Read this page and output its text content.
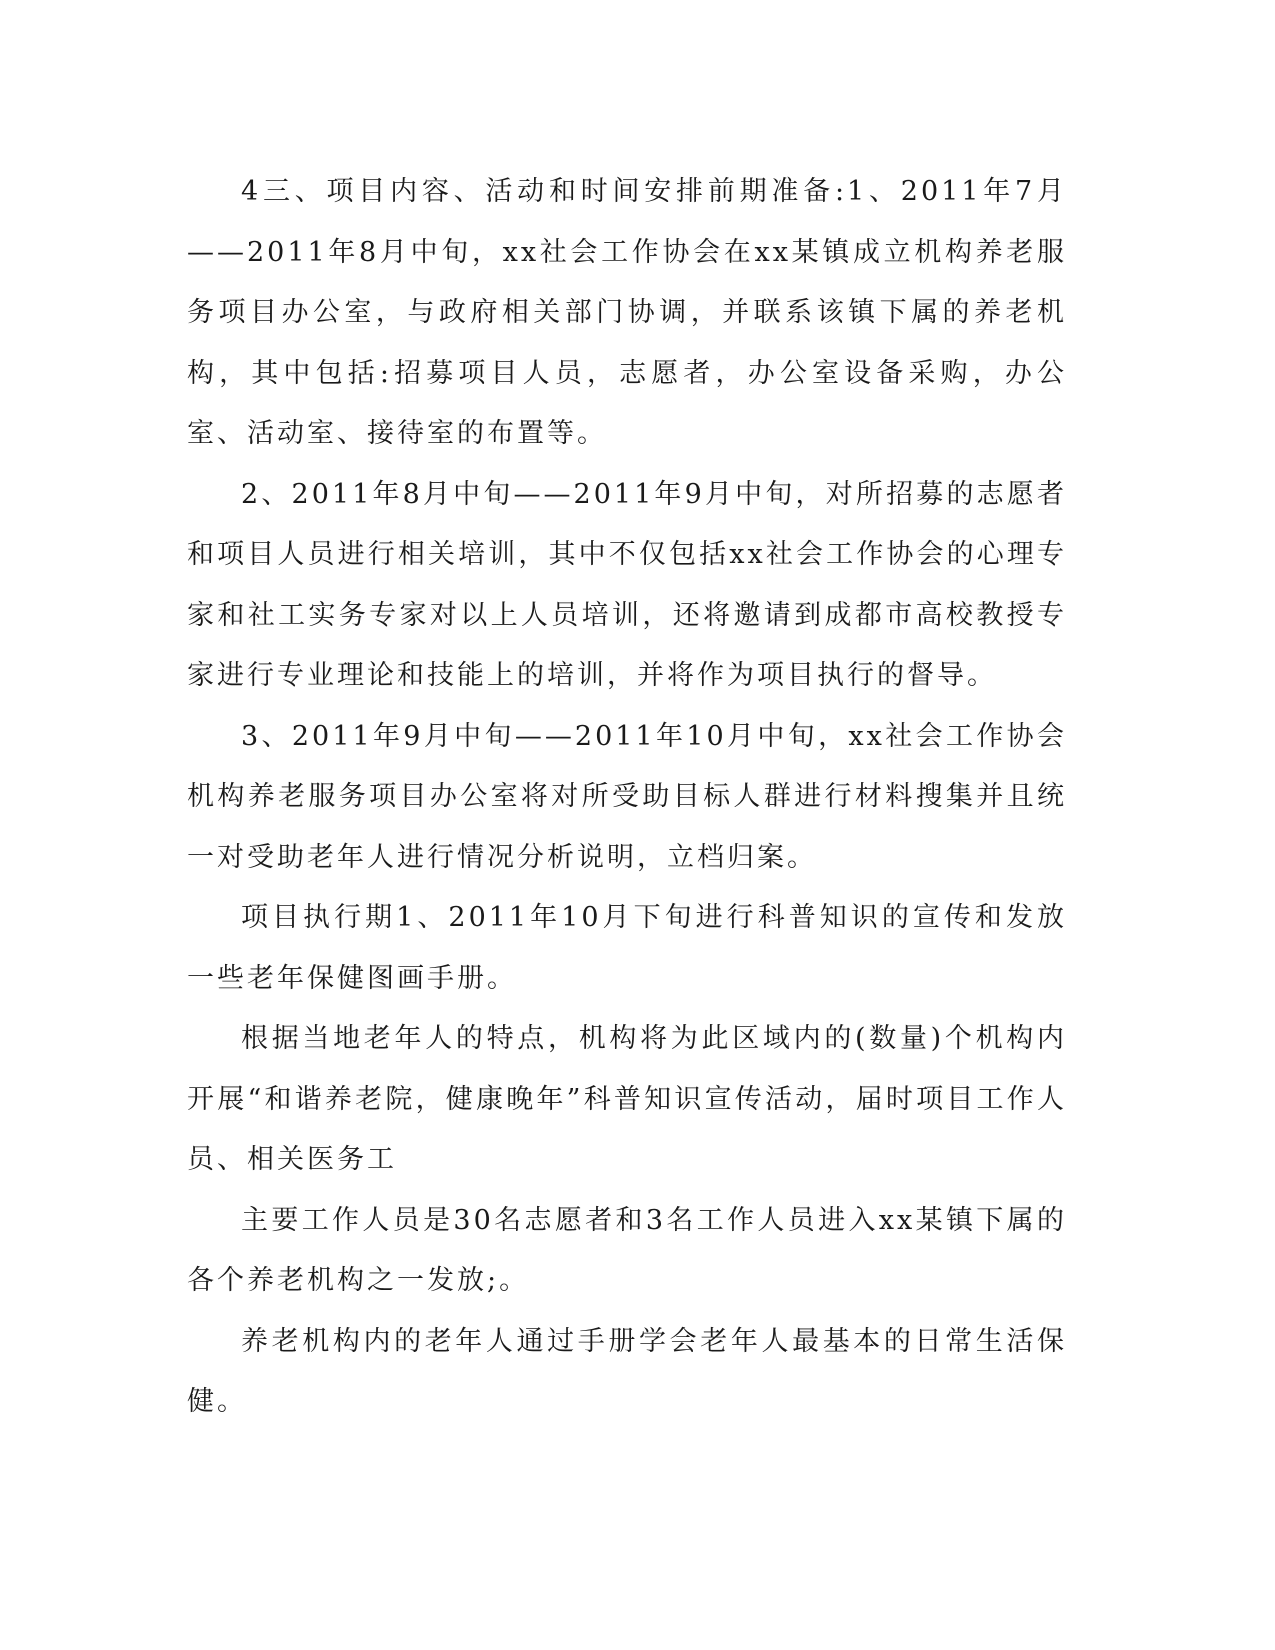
4三、项目内容、活动和时间安排前期准备:1、2011年7月——2011年8月中旬，xx社会工作协会在xx某镇成立机构养老服务项目办公室，与政府相关部门协调，并联系该镇下属的养老机构，其中包括:招募项目人员，志愿者，办公室设备采购，办公室、活动室、接待室的布置等。

2、2011年8月中旬——2011年9月中旬，对所招募的志愿者和项目人员进行相关培训，其中不仅包括xx社会工作协会的心理专家和社工实务专家对以上人员培训，还将邀请到成都市高校教授专家进行专业理论和技能上的培训，并将作为项目执行的督导。

3、2011年9月中旬——2011年10月中旬，xx社会工作协会机构养老服务项目办公室将对所受助目标人群进行材料搜集并且统一对受助老年人进行情况分析说明，立档归案。

项目执行期1、2011年10月下旬进行科普知识的宣传和发放一些老年保健图画手册。

根据当地老年人的特点，机构将为此区域内的(数量)个机构内开展“和谐养老院，健康晚年”科普知识宣传活动，届时项目工作人员、相关医务工

主要工作人员是30名志愿者和3名工作人员进入xx某镇下属的各个养老机构之一发放;。

养老机构内的老年人通过手册学会老年人最基本的日常生活保健。
